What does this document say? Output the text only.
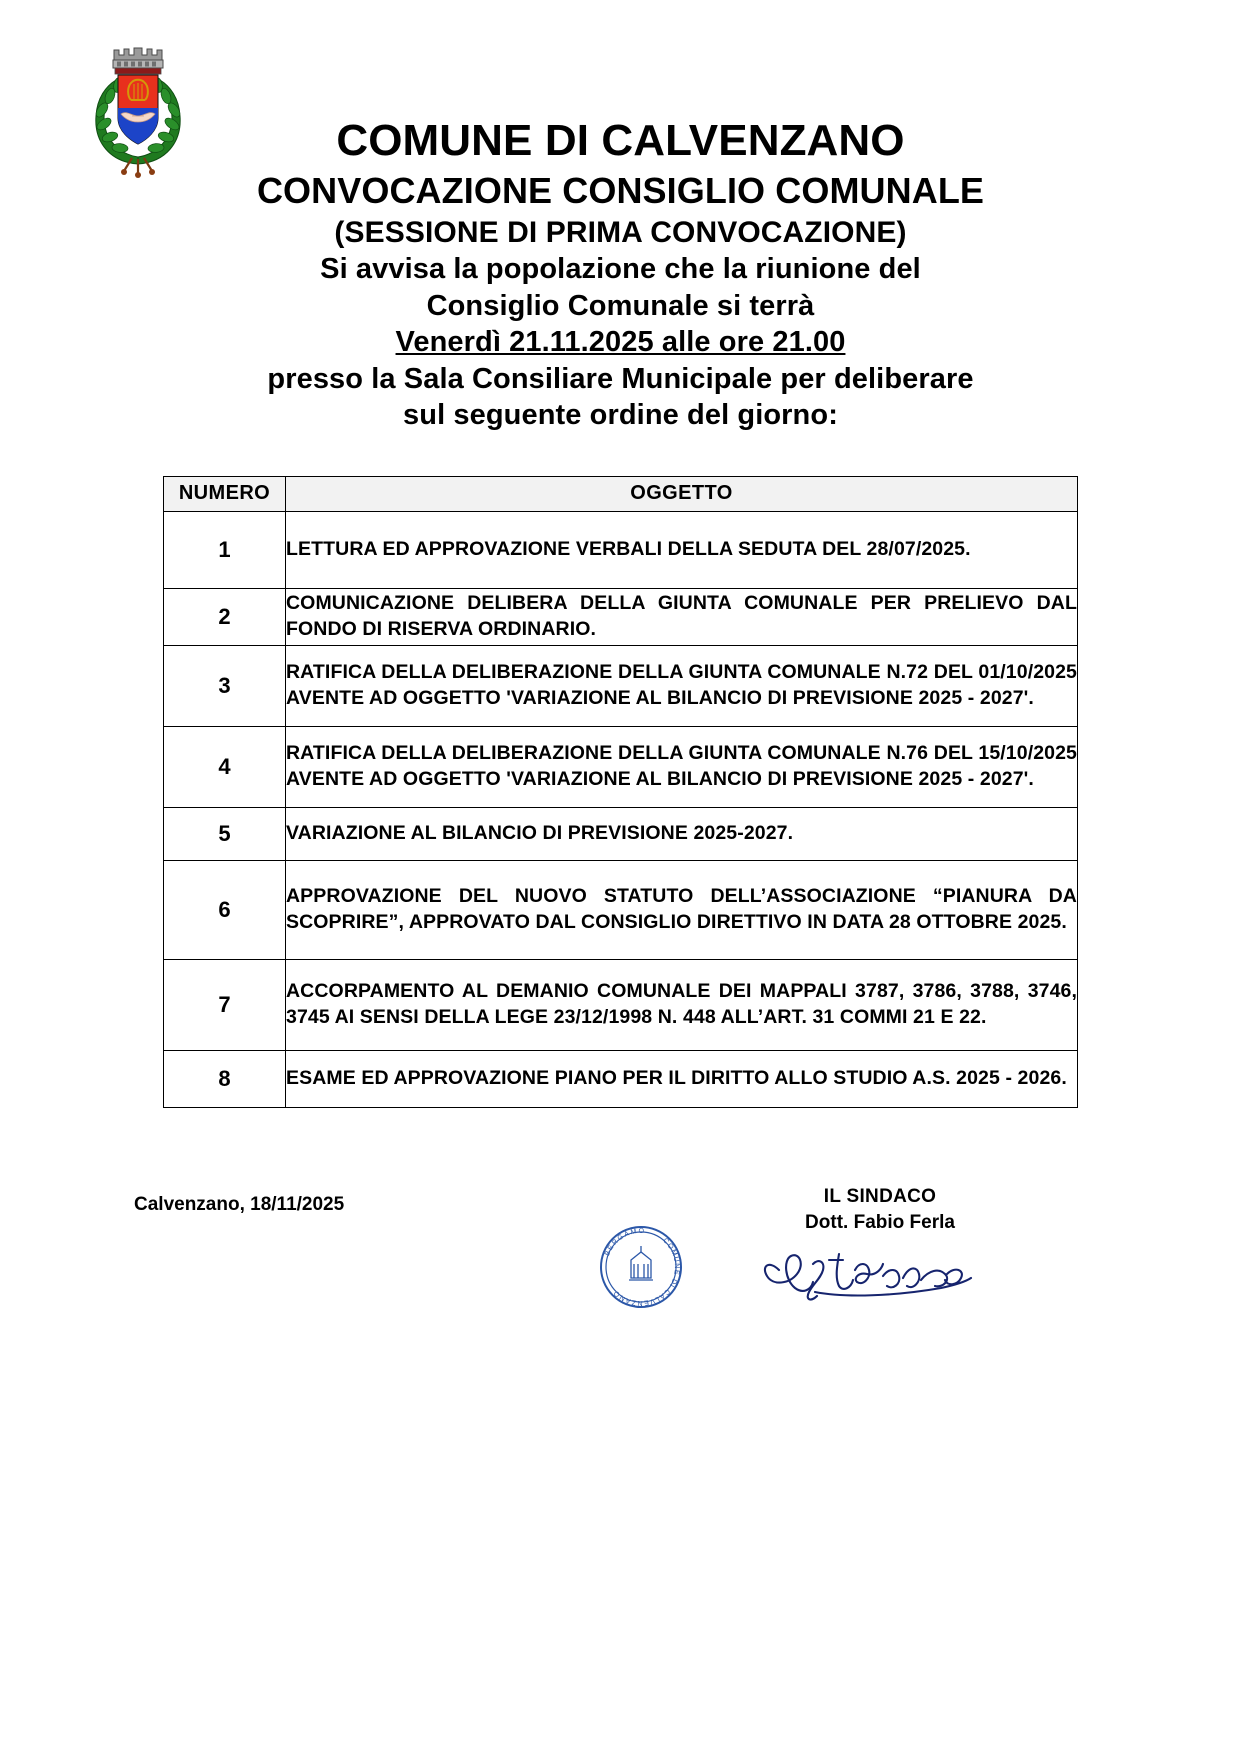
COMUNE DI CALVENZANO
CONVOCAZIONE CONSIGLIO COMUNALE
(SESSIONE DI PRIMA CONVOCAZIONE)
Si avvisa la popolazione che la riunione del
Consiglio Comunale si terrà
Venerdì 21.11.2025 alle ore 21.00
presso la Sala Consiliare Municipale per deliberare
sul seguente ordine del giorno:
NUMERO	OGGETTO
1	LETTURA ED APPROVAZIONE VERBALI DELLA SEDUTA DEL 28/07/2025.
2	COMUNICAZIONE DELIBERA DELLA GIUNTA COMUNALE PER PRELIEVO DAL FONDO DI RISERVA ORDINARIO.
3	RATIFICA DELLA DELIBERAZIONE DELLA GIUNTA COMUNALE N.72 DEL 01/10/2025 AVENTE AD OGGETTO 'VARIAZIONE AL BILANCIO DI PREVISIONE 2025 - 2027'.
4	RATIFICA DELLA DELIBERAZIONE DELLA GIUNTA COMUNALE N.76 DEL 15/10/2025 AVENTE AD OGGETTO 'VARIAZIONE AL BILANCIO DI PREVISIONE 2025 - 2027'.
5	VARIAZIONE AL BILANCIO DI PREVISIONE 2025-2027.
6	APPROVAZIONE DEL NUOVO STATUTO DELL’ASSOCIAZIONE “PIANURA DA SCOPRIRE”, APPROVATO DAL CONSIGLIO DIRETTIVO IN DATA 28 OTTOBRE 2025.
7	ACCORPAMENTO AL DEMANIO COMUNALE DEI MAPPALI 3787, 3786, 3788, 3746, 3745 AI SENSI DELLA LEGE 23/12/1998 N. 448 ALL’ART. 31 COMMI 21 E 22.
8	ESAME ED APPROVAZIONE PIANO PER IL DIRITTO ALLO STUDIO A.S. 2025 - 2026.
Calvenzano, 18/11/2025
COMUNE DI CALVENZANO
BERGAMO
IL SINDACO
Dott. Fabio Ferla
